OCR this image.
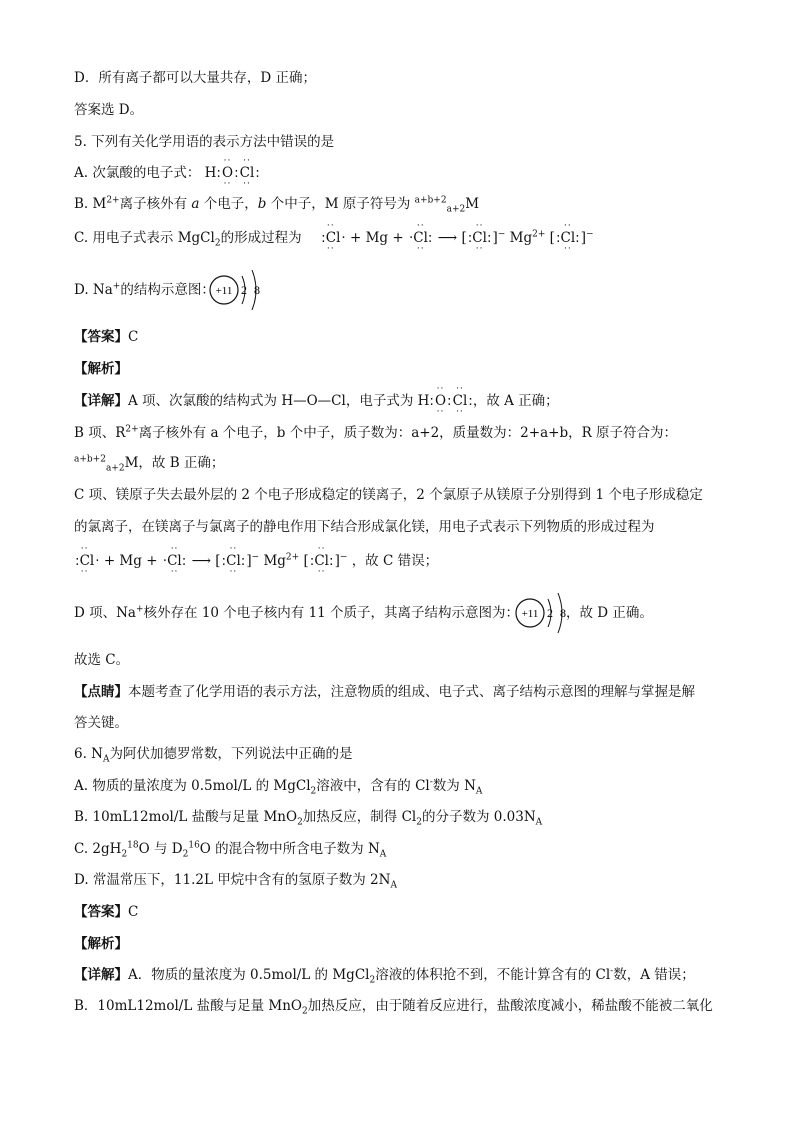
D．所有离子都可以大量共存，D 正确；
答案选 D。
5. 下列有关化学用语的表示方法中错误的是
A. 次氯酸的电子式： H:
··
O
··
:
··
Cl
··
:
B. $M^{2+}$离子核外有 a 个电子，b 个中子，M 原子符号为 $^{a+b+2}_{a+2}$M
C. 用电子式表示 MgCl$_2$的形成过程为
··
:Cl
··
· + Mg +
··
·Cl:
··
⟶ [
··
:Cl:
··
]− $Mg^{2+}$ [
··
:Cl:
··
]−
D. Na+的结构示意图： +11 2 8
【答案】C
【解析】
【详解】A 项、次氯酸的结构式为 H—O—Cl，电子式为 H:
··
O
··
:
··
Cl
··
:，故 A 正确；
B 项、$R^{2+}$离子核外有 a 个电子，b 个中子，质子数为：a+2，质量数为：2+a+b，R 原子符合为：
$^{a+b+2}_{a+2}$M，故 B 正确；
C 项、镁原子失去最外层的 2 个电子形成稳定的镁离子，2 个氯原子从镁原子分别得到 1 个电子形成稳定
的氯离子，在镁离子与氯离子的静电作用下结合形成氯化镁，用电子式表示下列物质的形成过程为
··
:Cl
··
· + Mg +
··
·Cl:
··
⟶ [
··
:Cl:
··
]− $Mg^{2+}$ [
··
:Cl:
··
]− ，故 C 错误；
D 项、Na+核外存在 10 个电子核内有 11 个质子，其离子结构示意图为： +11 2 8 ，故 D 正确。
故选 C。
【点睛】本题考查了化学用语的表示方法，注意物质的组成、电子式、离子结构示意图的理解与掌握是解
答关键。
6. $N_A$为阿伏加德罗常数，下列说法中正确的是
A. 物质的量浓度为 0.5mol/L 的 MgCl$_2$溶液中，含有的 Cl-数为 $N_A$
B. 10mL12mol/L 盐酸与足量 MnO$_2$加热反应，制得 $Cl_2$的分子数为 $0.03N_A$
C. $2gH_2^{18}O$ 与 $D_2^{16}O$ 的混合物中所含电子数为 $N_A$
D. 常温常压下，11.2L 甲烷中含有的氢原子数为 $2N_A$
【答案】C
【解析】
【详解】A．物质的量浓度为 0.5mol/L 的 MgCl$_2$溶液的体积抢不到，不能计算含有的 Cl-数，A 错误；
B．10mL12mol/L 盐酸与足量 MnO$_2$加热反应，由于随着反应进行，盐酸浓度减小，稀盐酸不能被二氧化
